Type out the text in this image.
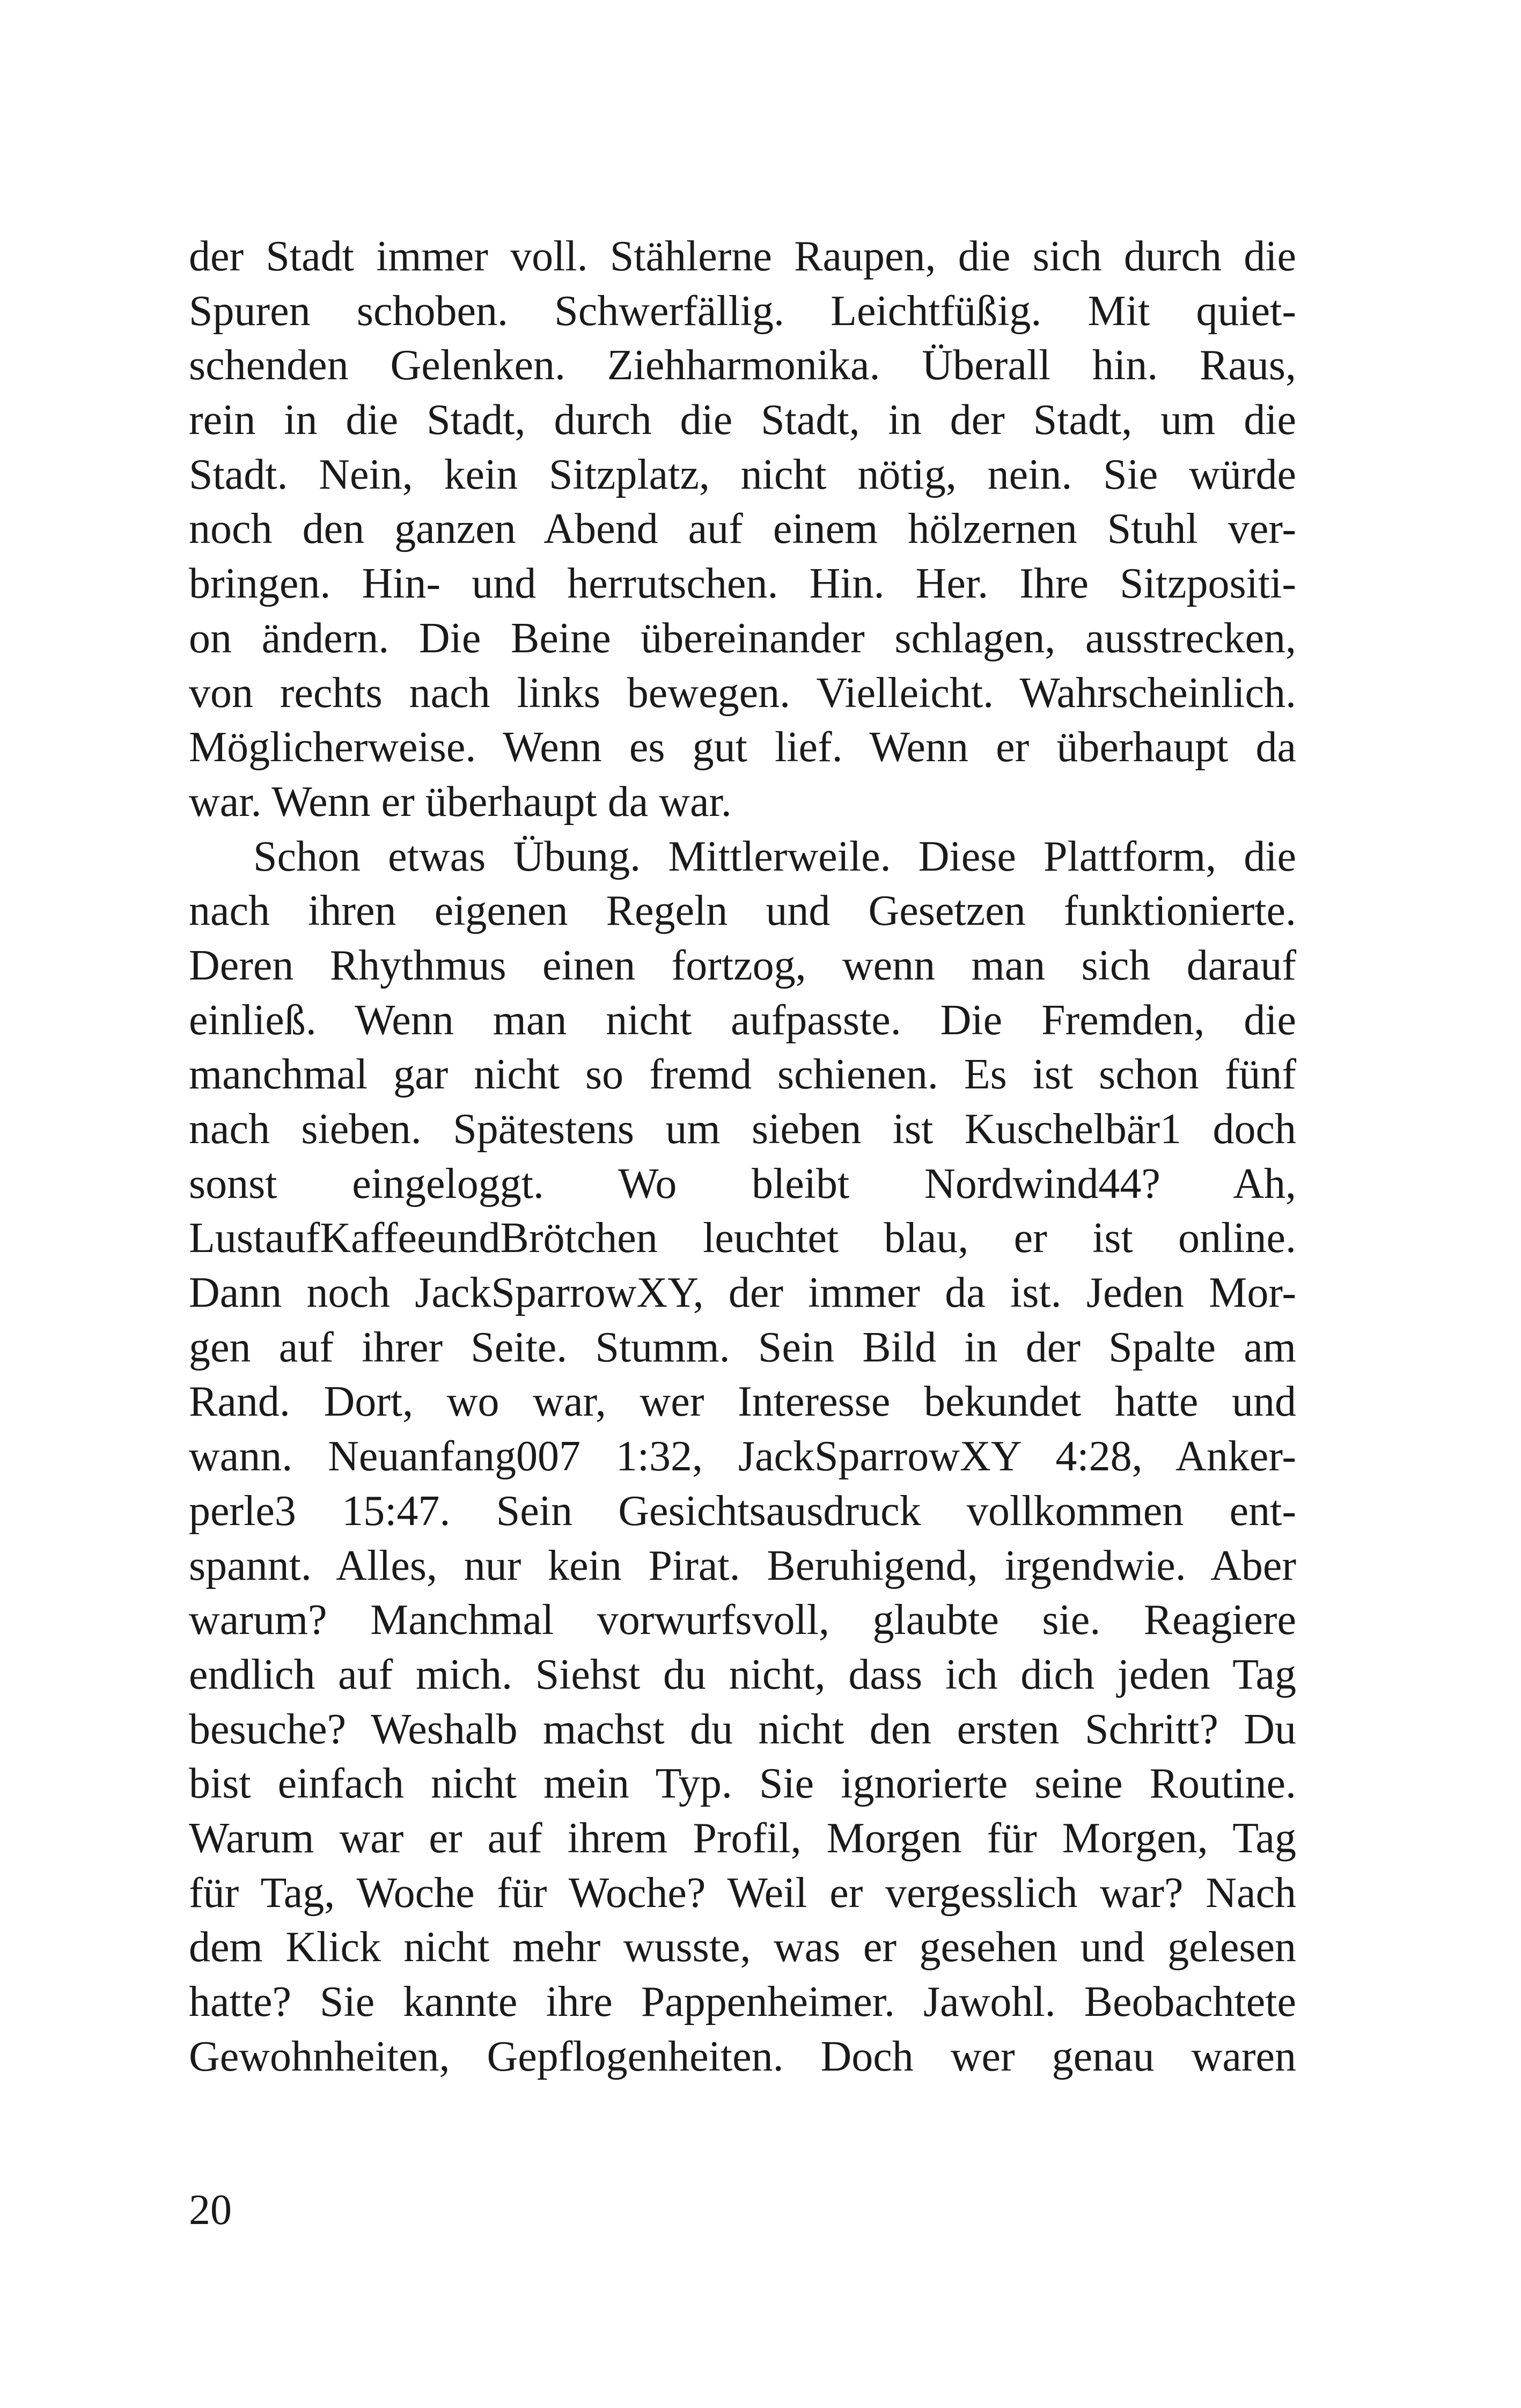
der Stadt immer voll. Stählerne Raupen, die sich durch die
Spuren schoben. Schwerfällig. Leichtfüßig. Mit quiet-
schenden Gelenken. Ziehharmonika. Überall hin. Raus,
rein in die Stadt, durch die Stadt, in der Stadt, um die
Stadt. Nein, kein Sitzplatz, nicht nötig, nein. Sie würde
noch den ganzen Abend auf einem hölzernen Stuhl ver-
bringen. Hin- und herrutschen. Hin. Her. Ihre Sitzpositi-
on ändern. Die Beine übereinander schlagen, ausstrecken,
von rechts nach links bewegen. Vielleicht. Wahrscheinlich.
Möglicherweise. Wenn es gut lief. Wenn er überhaupt da
war. Wenn er überhaupt da war.
Schon etwas Übung. Mittlerweile. Diese Plattform, die
nach ihren eigenen Regeln und Gesetzen funktionierte.
Deren Rhythmus einen fortzog, wenn man sich darauf
einließ. Wenn man nicht aufpasste. Die Fremden, die
manchmal gar nicht so fremd schienen. Es ist schon fünf
nach sieben. Spätestens um sieben ist Kuschelbär1 doch
sonst eingeloggt. Wo bleibt Nordwind44? Ah,
LustaufKaffeeundBrötchen leuchtet blau, er ist online.
Dann noch JackSparrowXY, der immer da ist. Jeden Mor-
gen auf ihrer Seite. Stumm. Sein Bild in der Spalte am
Rand. Dort, wo war, wer Interesse bekundet hatte und
wann. Neuanfang007 1:32, JackSparrowXY 4:28, Anker-
perle3 15:47. Sein Gesichtsausdruck vollkommen ent-
spannt. Alles, nur kein Pirat. Beruhigend, irgendwie. Aber
warum? Manchmal vorwurfsvoll, glaubte sie. Reagiere
endlich auf mich. Siehst du nicht, dass ich dich jeden Tag
besuche? Weshalb machst du nicht den ersten Schritt? Du
bist einfach nicht mein Typ. Sie ignorierte seine Routine.
Warum war er auf ihrem Profil, Morgen für Morgen, Tag
für Tag, Woche für Woche? Weil er vergesslich war? Nach
dem Klick nicht mehr wusste, was er gesehen und gelesen
hatte? Sie kannte ihre Pappenheimer. Jawohl. Beobachtete
Gewohnheiten, Gepflogenheiten. Doch wer genau waren
20
